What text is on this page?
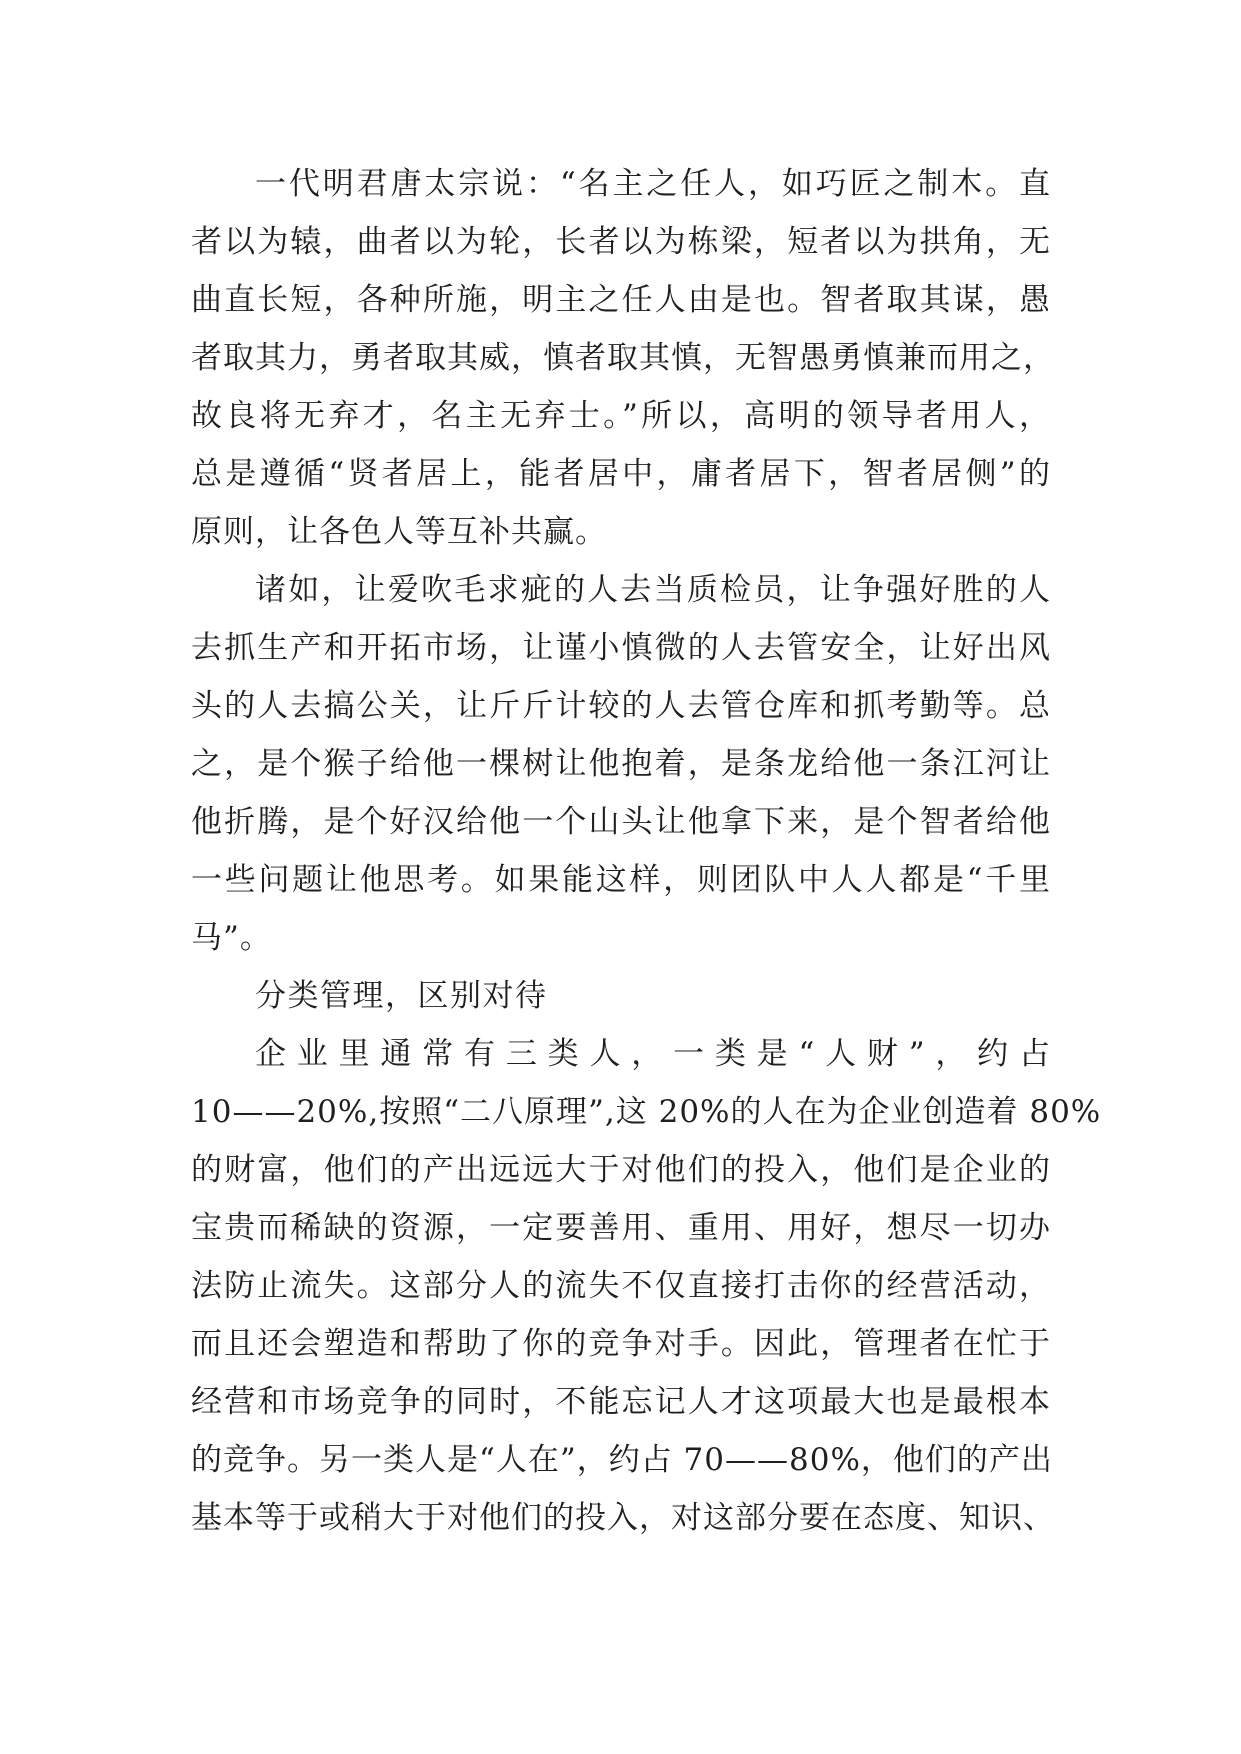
一代明君唐太宗说：“名主之任人，如巧匠之制木。直
者以为辕，曲者以为轮，长者以为栋梁，短者以为拱角，无
曲直长短，各种所施，明主之任人由是也。智者取其谋，愚
者取其力，勇者取其威，慎者取其慎，无智愚勇慎兼而用之，
故良将无弃才，名主无弃士。”所以，高明的领导者用人，
总是遵循“贤者居上，能者居中，庸者居下，智者居侧”的
原则，让各色人等互补共赢。
诸如，让爱吹毛求疵的人去当质检员，让争强好胜的人
去抓生产和开拓市场，让谨小慎微的人去管安全，让好出风
头的人去搞公关，让斤斤计较的人去管仓库和抓考勤等。总
之，是个猴子给他一棵树让他抱着，是条龙给他一条江河让
他折腾，是个好汉给他一个山头让他拿下来，是个智者给他
一些问题让他思考。如果能这样，则团队中人人都是“千里
马”。
分类管理，区别对待
企业里通常有三类人，一类是“人财”，约占
10——20%,按照“二八原理”,这 20%的人在为企业创造着 80%
的财富，他们的产出远远大于对他们的投入，他们是企业的
宝贵而稀缺的资源，一定要善用、重用、用好，想尽一切办
法防止流失。这部分人的流失不仅直接打击你的经营活动，
而且还会塑造和帮助了你的竞争对手。因此，管理者在忙于
经营和市场竞争的同时，不能忘记人才这项最大也是最根本
的竞争。另一类人是“人在”，约占 70——80%，他们的产出
基本等于或稍大于对他们的投入，对这部分要在态度、知识、
